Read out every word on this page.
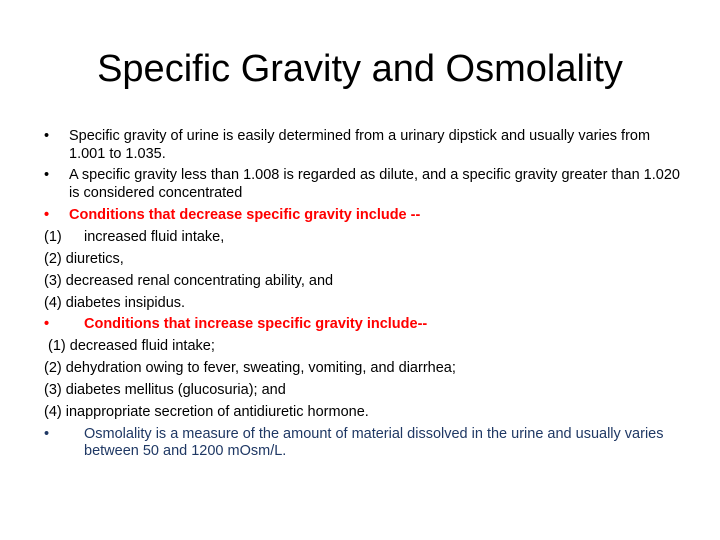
Specific Gravity and Osmolality
•	Specific gravity of urine is easily determined from a urinary dipstick and usually varies from 1.001 to 1.035.
•	A specific gravity less than 1.008 is regarded as dilute, and a specific gravity greater than 1.020 is considered concentrated
•	Conditions that decrease specific gravity include --
(1) increased fluid intake,
(2) diuretics,
(3) decreased renal concentrating ability, and
(4) diabetes insipidus.
•	Conditions that increase specific gravity include--
(1) decreased fluid intake;
(2) dehydration owing to fever, sweating, vomiting, and diarrhea;
(3) diabetes mellitus (glucosuria); and
(4) inappropriate secretion of antidiuretic hormone.
•	Osmolality is a measure of the amount of material dissolved in the urine and usually varies between 50 and 1200 mOsm/L.
